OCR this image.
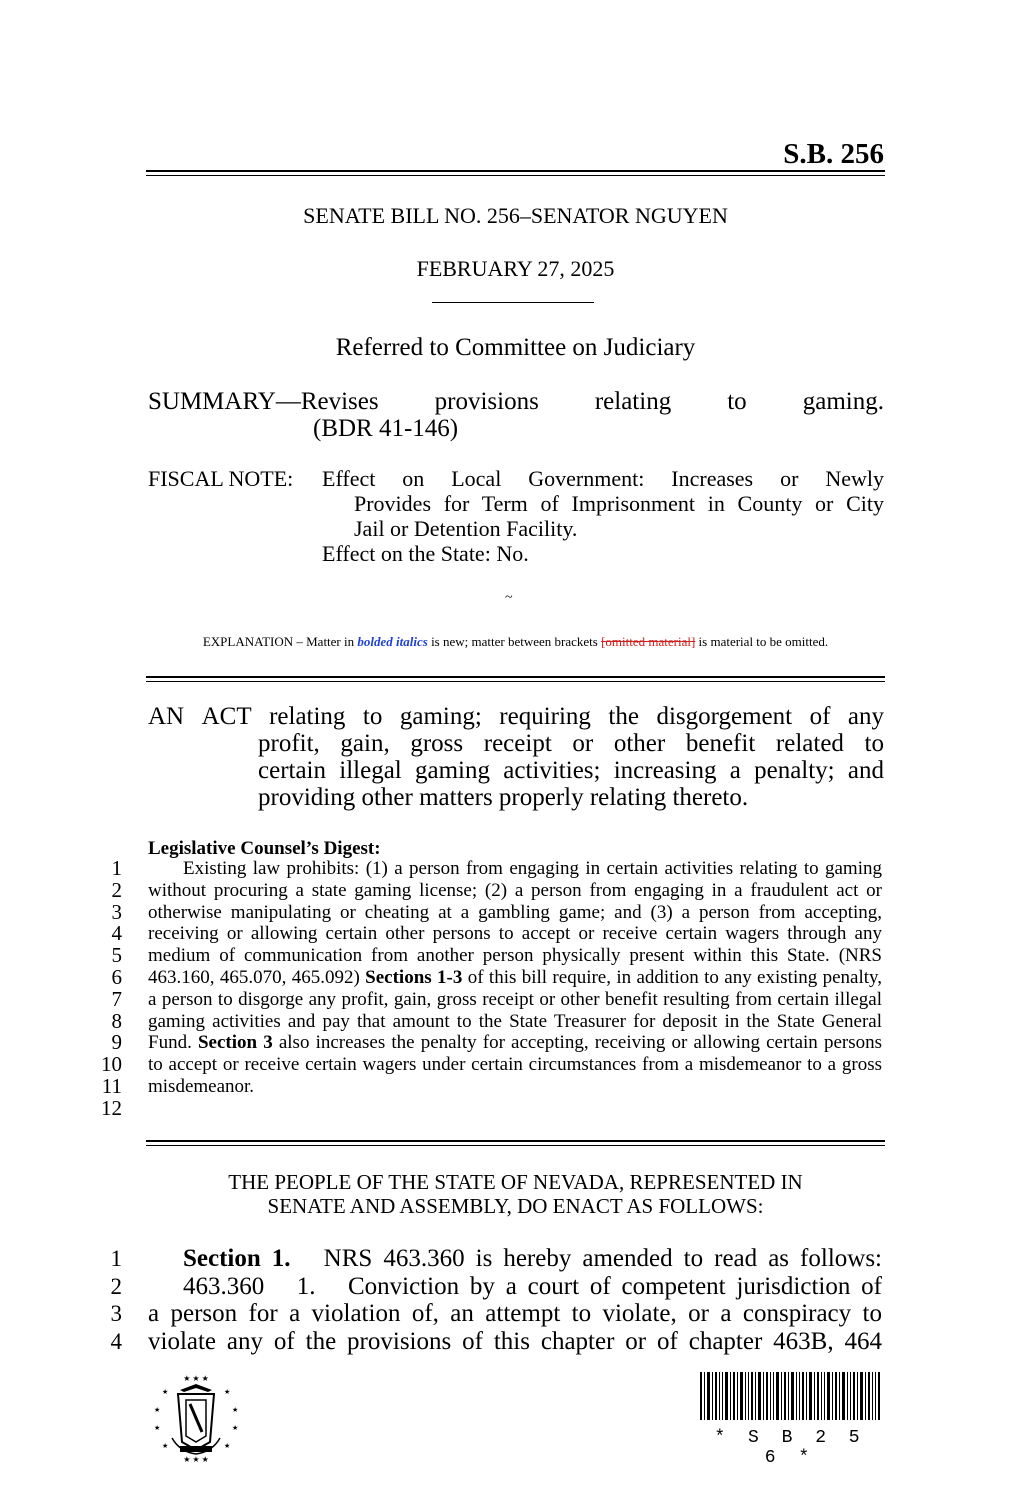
S.B. 256
SENATE BILL NO. 256–SENATOR NGUYEN
FEBRUARY 27, 2025
Referred to Committee on Judiciary
SUMMARY—Revises provisions relating to gaming.
(BDR 41-146)
FISCAL NOTE: Effect on Local Government: Increases or Newly
Provides for Term of Imprisonment in County or City
Jail or Detention Facility.
Effect on the State: No.
~
EXPLANATION – Matter in bolded italics is new; matter between brackets [omitted material] is material to be omitted.
AN ACT relating to gaming; requiring the disgorgement of any
profit, gain, gross receipt or other benefit related to
certain illegal gaming activities; increasing a penalty; and
providing other matters properly relating thereto.
Legislative Counsel’s Digest:
1
2
3
4
5
6
7
8
9
10
11
12

Existing law prohibits: (1) a person from engaging in certain activities relating to gaming without procuring a state gaming license; (2) a person from engaging in a fraudulent act or otherwise manipulating or cheating at a gambling game; and (3) a person from accepting, receiving or allowing certain other persons to accept or receive certain wagers through any medium of communication from another person physically present within this State. (NRS 463.160, 465.070, 465.092) Sections 1-3 of this bill require, in addition to any existing penalty, a person to disgorge any profit, gain, gross receipt or other benefit resulting from certain illegal gaming activities and pay that amount to the State Treasurer for deposit in the State General Fund. Section 3 also increases the penalty for accepting, receiving or allowing certain persons to accept or receive certain wagers under certain circumstances from a misdemeanor to a gross misdemeanor.

THE PEOPLE OF THE STATE OF NEVADA, REPRESENTED IN
SENATE AND ASSEMBLY, DO ENACT AS FOLLOWS:
1
2
3
4
Section 1. NRS 463.360 is hereby amended to read as follows:
463.360   1.   Conviction by a court of competent jurisdiction of
a person for a violation of, an attempt to violate, or a conspiracy to
violate any of the provisions of this chapter or of chapter 463B, 464
★ ★ ★
★	★
★	★
★	★
★	★
★ ★ ★
* S B 2 5 6 *
